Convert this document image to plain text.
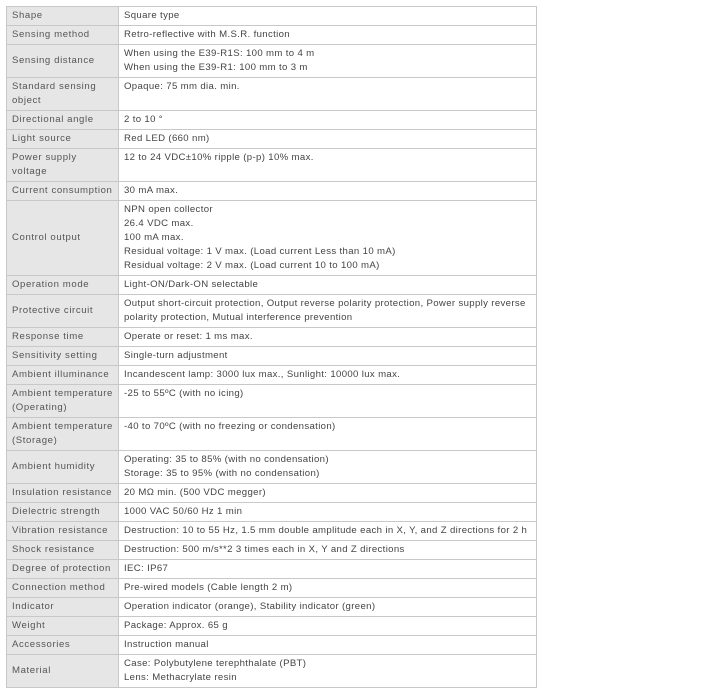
Shape	Square type

Sensing method	Retro-reflective with M.S.R. function

Sensing distance	When using the E39-R1S: 100 mm to 4 m
When using the E39-R1: 100 mm to 3 m

Standard sensing object	Opaque: 75 mm dia. min.

Directional angle	2 to 10 °

Light source	Red LED (660 nm)

Power supply voltage	12 to 24 VDC±10% ripple (p-p) 10% max.

Current consumption	30 mA max.

Control output	NPN open collector
26.4 VDC max.
100 mA max.
Residual voltage: 1 V max. (Load current Less than 10 mA)
Residual voltage: 2 V max. (Load current 10 to 100 mA)

Operation mode	Light-ON/Dark-ON selectable

Protective circuit	Output short-circuit protection, Output reverse polarity protection, Power supply reverse polarity protection, Mutual interference prevention

Response time	Operate or reset: 1 ms max.

Sensitivity setting	Single-turn adjustment

Ambient illuminance	Incandescent lamp: 3000 lux max., Sunlight: 10000 lux max.

Ambient temperature (Operating)	-25 to 55ºC (with no icing)

Ambient temperature (Storage)	-40 to 70ºC (with no freezing or condensation)

Ambient humidity	Operating: 35 to 85% (with no condensation)
Storage: 35 to 95% (with no condensation)

Insulation resistance	20 MΩ min. (500 VDC megger)

Dielectric strength	1000 VAC 50/60 Hz 1 min

Vibration resistance	Destruction: 10 to 55 Hz, 1.5 mm double amplitude each in X, Y, and Z directions for 2 h

Shock resistance	Destruction: 500 m/s**2 3 times each in X, Y and Z directions

Degree of protection	IEC: IP67

Connection method	Pre-wired models (Cable length 2 m)

Indicator	Operation indicator (orange), Stability indicator (green)

Weight	Package: Approx. 65 g

Accessories	Instruction manual

Material	Case: Polybutylene terephthalate (PBT)
Lens: Methacrylate resin
